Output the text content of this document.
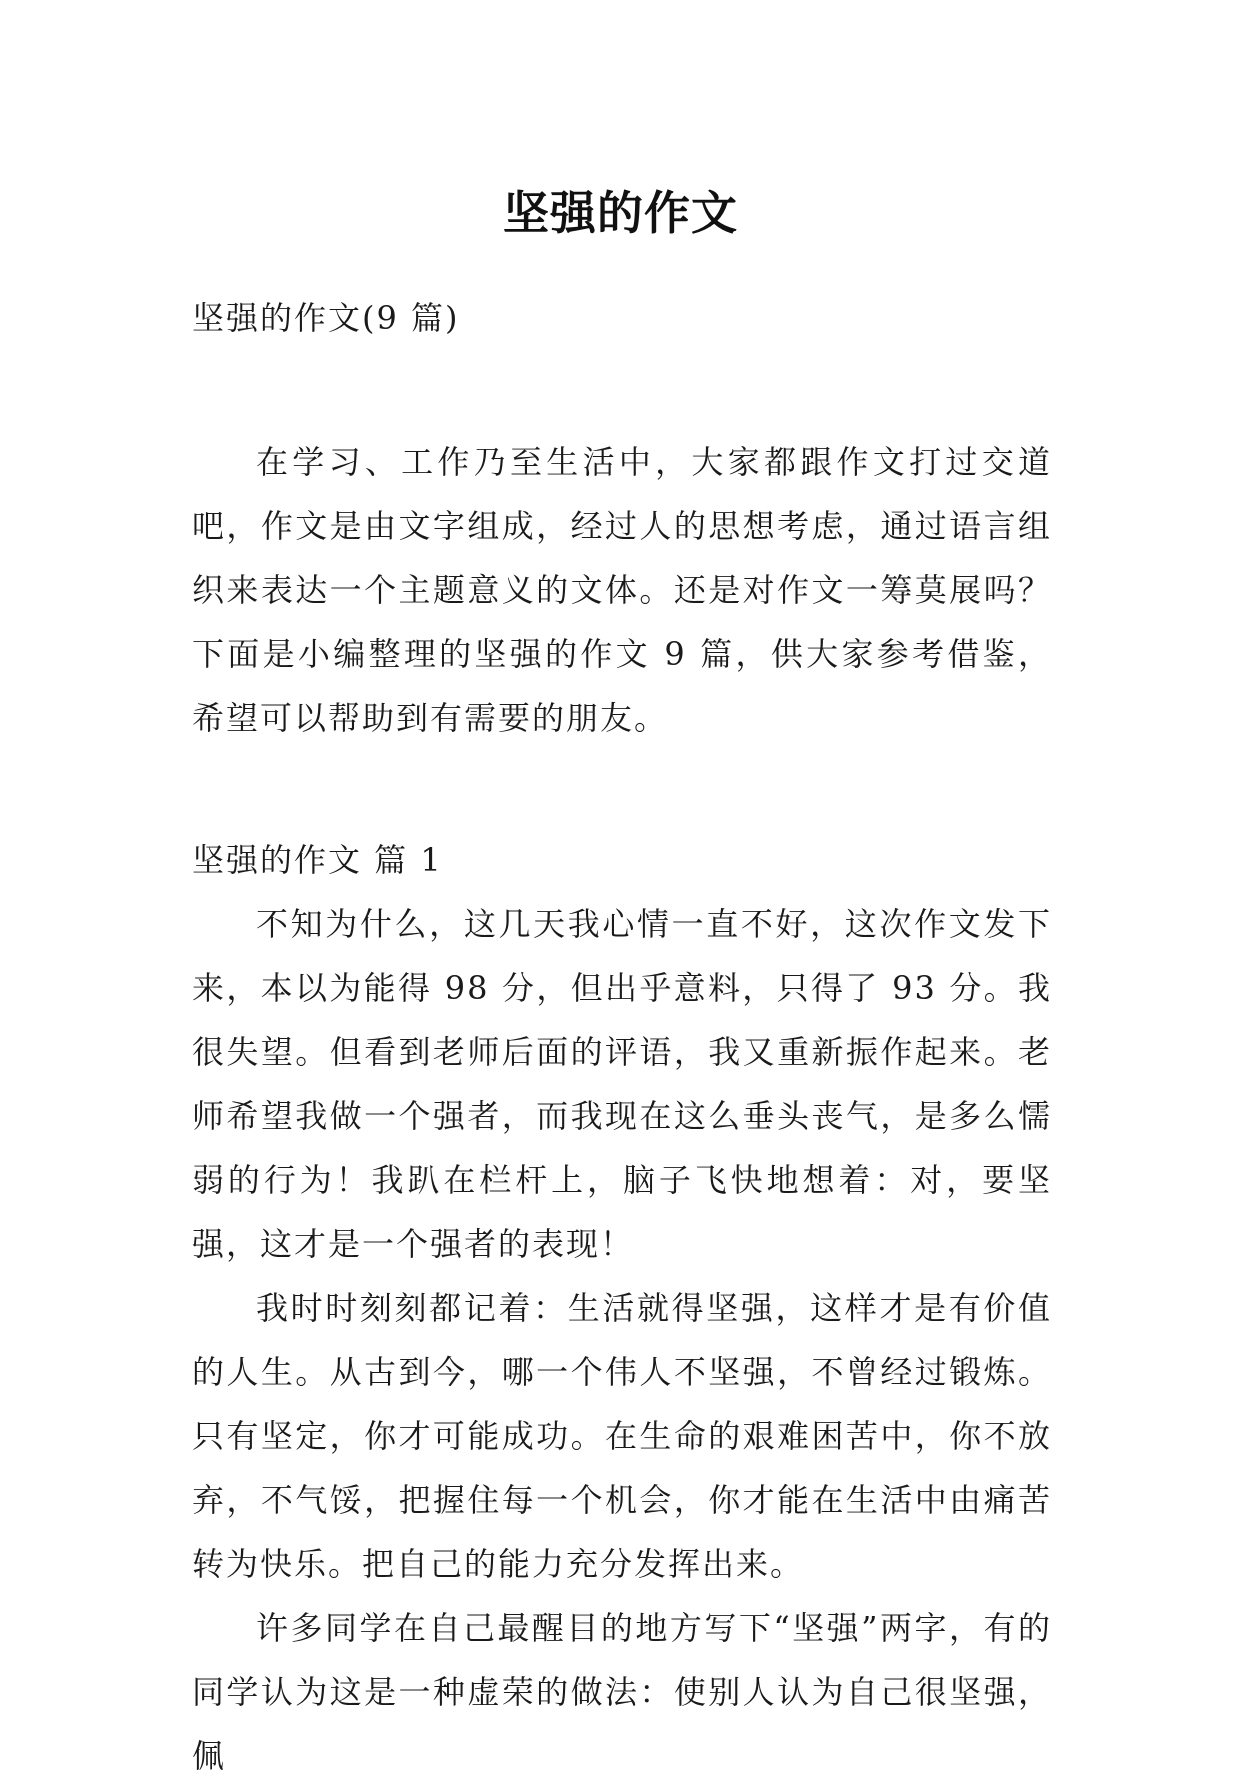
坚强的作文

坚强的作文(9 篇)

在学习、工作乃至生活中，大家都跟作文打过交道吧，作文是由文字组成，经过人的思想考虑，通过语言组织来表达一个主题意义的文体。还是对作文一筹莫展吗？下面是小编整理的坚强的作文 9 篇，供大家参考借鉴，希望可以帮助到有需要的朋友。

坚强的作文 篇 1

不知为什么，这几天我心情一直不好，这次作文发下来，本以为能得 98 分，但出乎意料，只得了 93 分。我很失望。但看到老师后面的评语，我又重新振作起来。老师希望我做一个强者，而我现在这么垂头丧气，是多么懦弱的行为！我趴在栏杆上，脑子飞快地想着：对，要坚强，这才是一个强者的表现！

我时时刻刻都记着：生活就得坚强，这样才是有价值的人生。从古到今，哪一个伟人不坚强，不曾经过锻炼。只有坚定，你才可能成功。在生命的艰难困苦中，你不放弃，不气馁，把握住每一个机会，你才能在生活中由痛苦转为快乐。把自己的能力充分发挥出来。

许多同学在自己最醒目的地方写下“坚强”两字，有的同学认为这是一种虚荣的做法：使别人认为自己很坚强，佩
